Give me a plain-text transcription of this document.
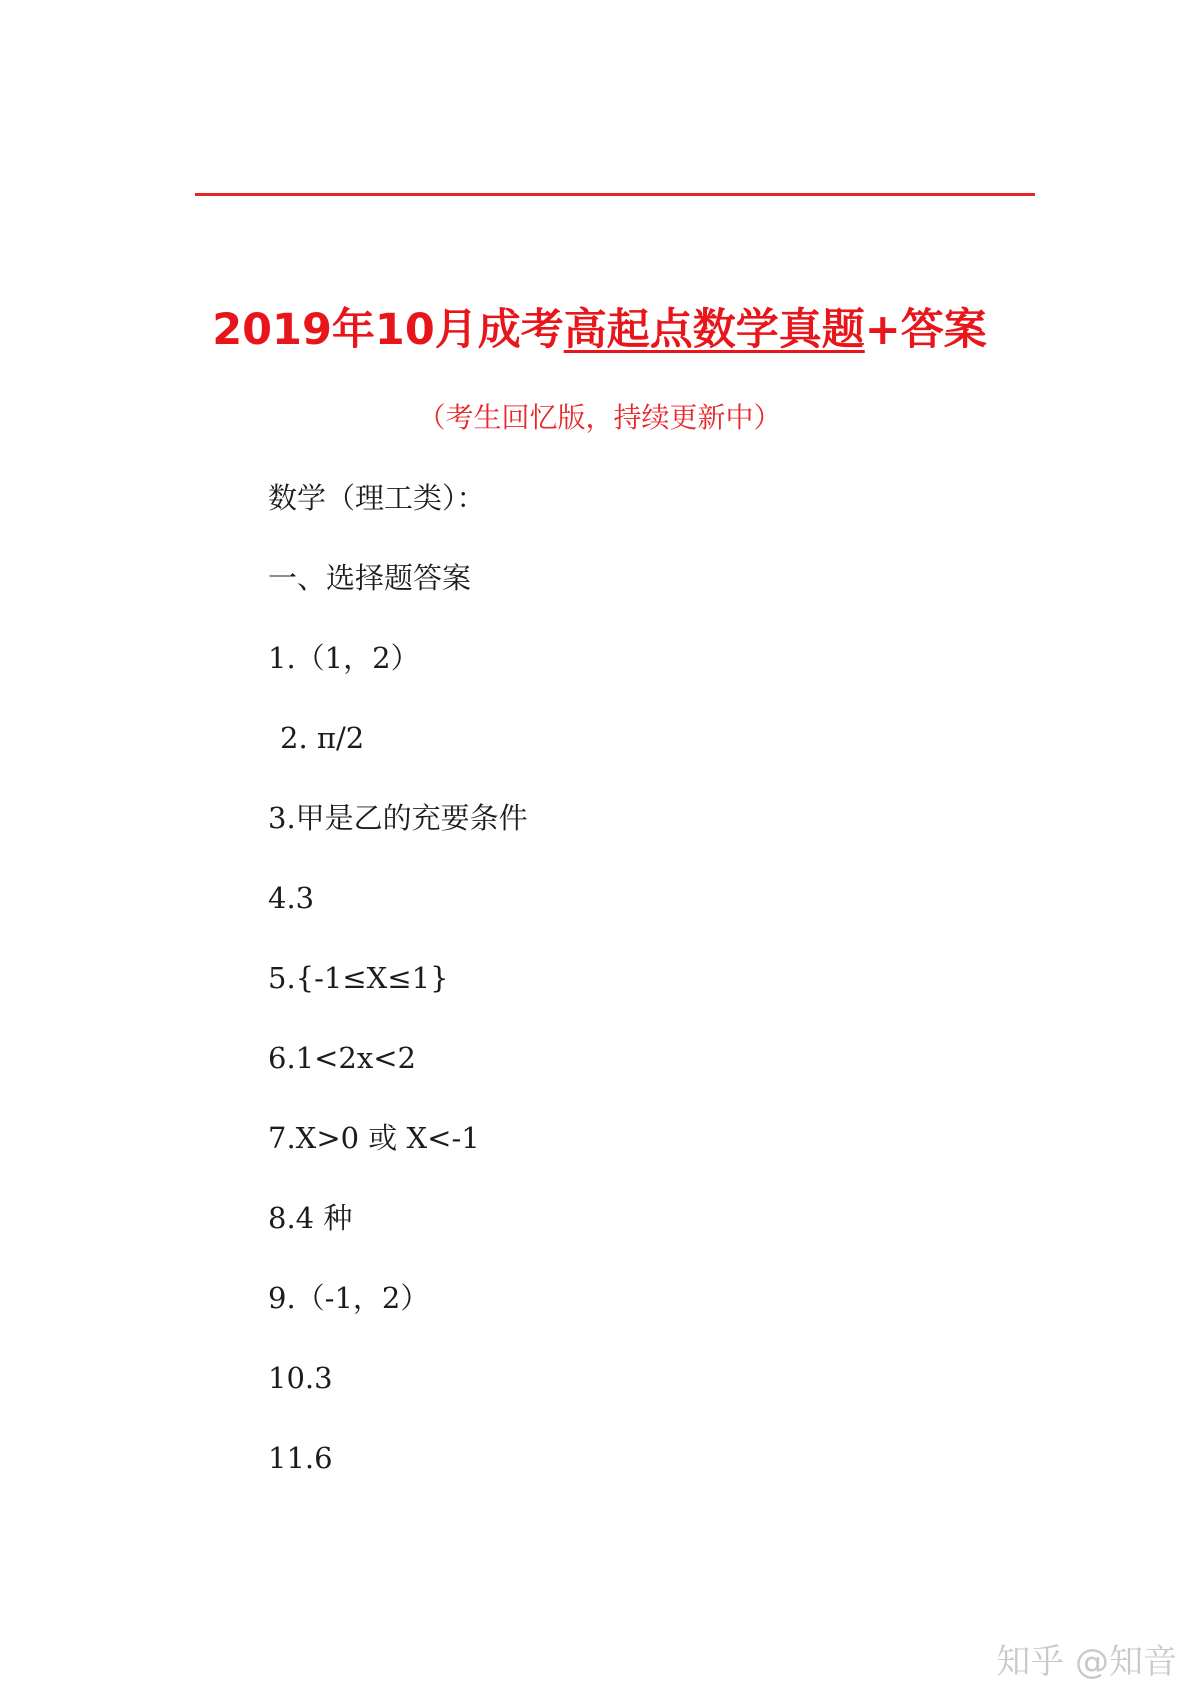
2019年10月成考高起点数学真题+答案
（考生回忆版，持续更新中）
数学（理工类）：
一、选择题答案
1.（1，2）
2. π/2
3.甲是乙的充要条件
4.3
5.{-1≤X≤1}
6.1<2x<2
7.X>0 或 X<-1
8.4 种
9.（-1，2）
10.3
11.6
知乎 @知音
